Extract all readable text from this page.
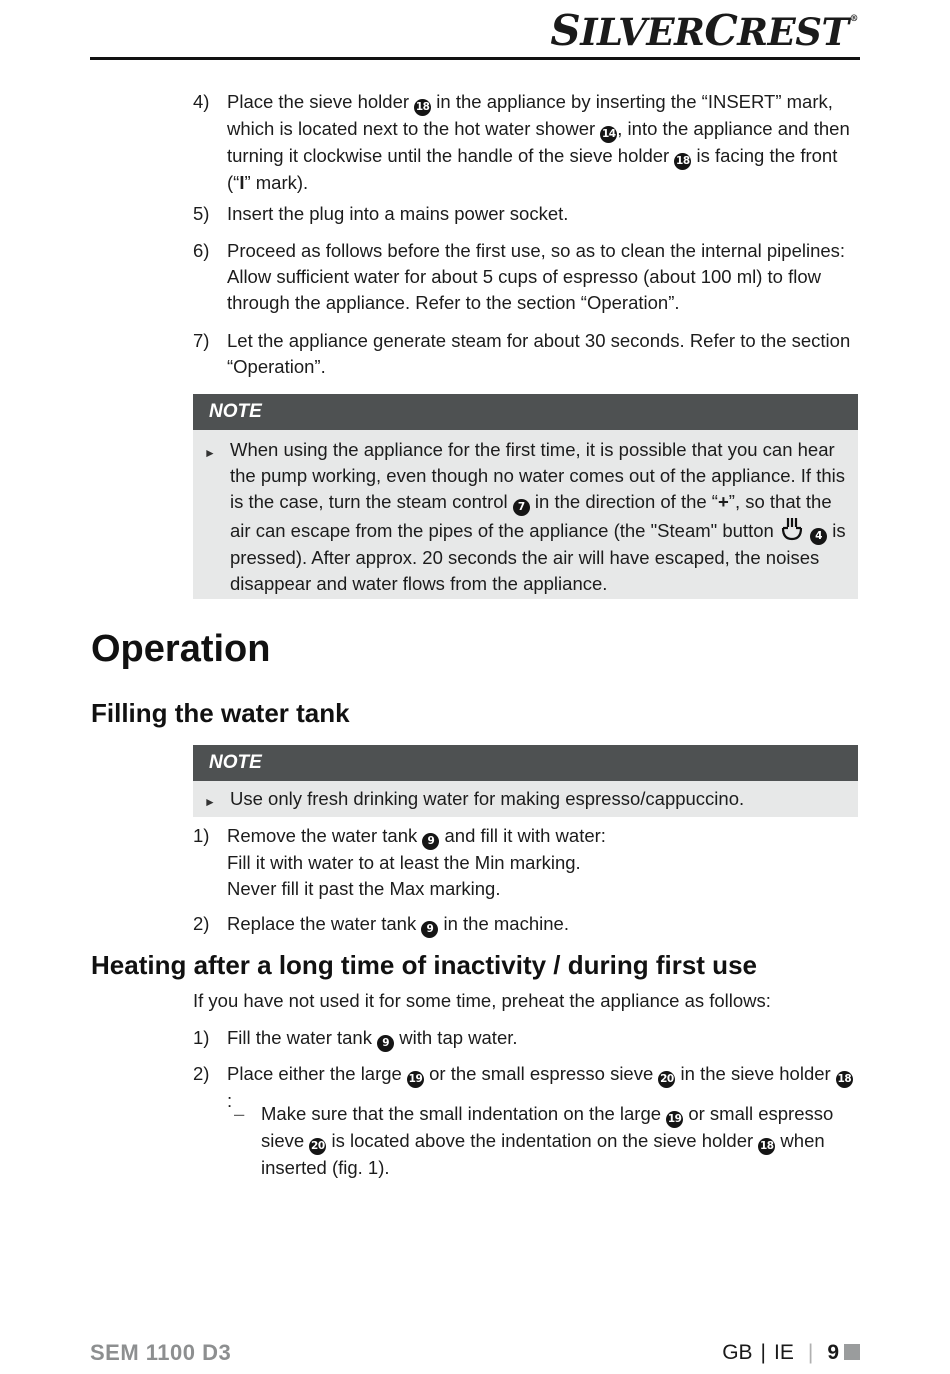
SILVERCREST®
4) Place the sieve holder 18 in the appliance by inserting the “INSERT” mark, which is located next to the hot water shower 14, into the appliance and then turning it clockwise until the handle of the sieve holder 18 is facing the front (“I” mark).
5) Insert the plug into a mains power socket.
6) Proceed as follows before the first use, so as to clean the internal pipelines: Allow sufficient water for about 5 cups of espresso (about 100 ml) to flow through the appliance. Refer to the section “Operation”.
7) Let the appliance generate steam for about 30 seconds. Refer to the section “Operation”.
NOTE
► When using the appliance for the first time, it is possible that you can hear the pump working, even though no water comes out of the appliance. If this is the case, turn the steam control 7 in the direction of the “+”, so that the air can escape from the pipes of the appliance (the "Steam" button	4 is pressed). After approx. 20 seconds the air will have escaped, the noises disappear and water flows from the appliance.
Operation
Filling the water tank
NOTE
► Use only fresh drinking water for making espresso/cappuccino.
1) Remove the water tank 9 and fill it with water:
Fill it with water to at least the Min marking.
Never fill it past the Max marking.
2) Replace the water tank 9 in the machine.
Heating after a long time of inactivity / during first use
If you have not used it for some time, preheat the appliance as follows:
1) Fill the water tank 9 with tap water.
2) Place either the large 19 or the small espresso sieve 20 in the sieve holder 18:
– Make sure that the small indentation on the large 19 or small espresso sieve 20 is located above the indentation on the sieve holder 18 when inserted (fig. 1).
SEM 1100 D3	GB | IE | 9
